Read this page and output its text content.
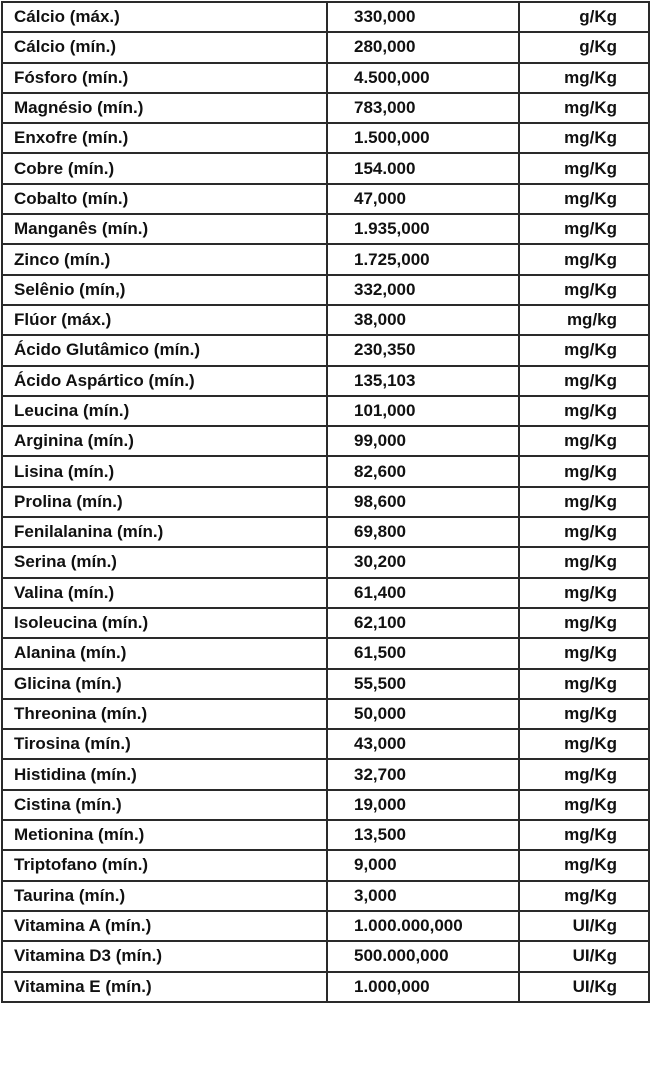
Cálcio (máx.)	330,000	g/Kg
Cálcio (mín.)	280,000	g/Kg
Fósforo (mín.)	4.500,000	mg/Kg
Magnésio (mín.)	783,000	mg/Kg
Enxofre (mín.)	1.500,000	mg/Kg
Cobre (mín.)	154.000	mg/Kg
Cobalto (mín.)	47,000	mg/Kg
Manganês (mín.)	1.935,000	mg/Kg
Zinco (mín.)	1.725,000	mg/Kg
Selênio (mín,)	332,000	mg/Kg
Flúor (máx.)	38,000	mg/kg
Ácido Glutâmico (mín.)	230,350	mg/Kg
Ácido Aspártico (mín.)	135,103	mg/Kg
Leucina (mín.)	101,000	mg/Kg
Arginina (mín.)	99,000	mg/Kg
Lisina (mín.)	82,600	mg/Kg
Prolina (mín.)	98,600	mg/Kg
Fenilalanina (mín.)	69,800	mg/Kg
Serina (mín.)	30,200	mg/Kg
Valina (mín.)	61,400	mg/Kg
Isoleucina (mín.)	62,100	mg/Kg
Alanina (mín.)	61,500	mg/Kg
Glicina (mín.)	55,500	mg/Kg
Threonina (mín.)	50,000	mg/Kg
Tirosina (mín.)	43,000	mg/Kg
Histidina (mín.)	32,700	mg/Kg
Cistina (mín.)	19,000	mg/Kg
Metionina (mín.)	13,500	mg/Kg
Triptofano (mín.)	9,000	mg/Kg
Taurina (mín.)	3,000	mg/Kg
Vitamina A (mín.)	1.000.000,000	UI/Kg
Vitamina D3 (mín.)	500.000,000	UI/Kg
Vitamina E (mín.)	1.000,000	UI/Kg
